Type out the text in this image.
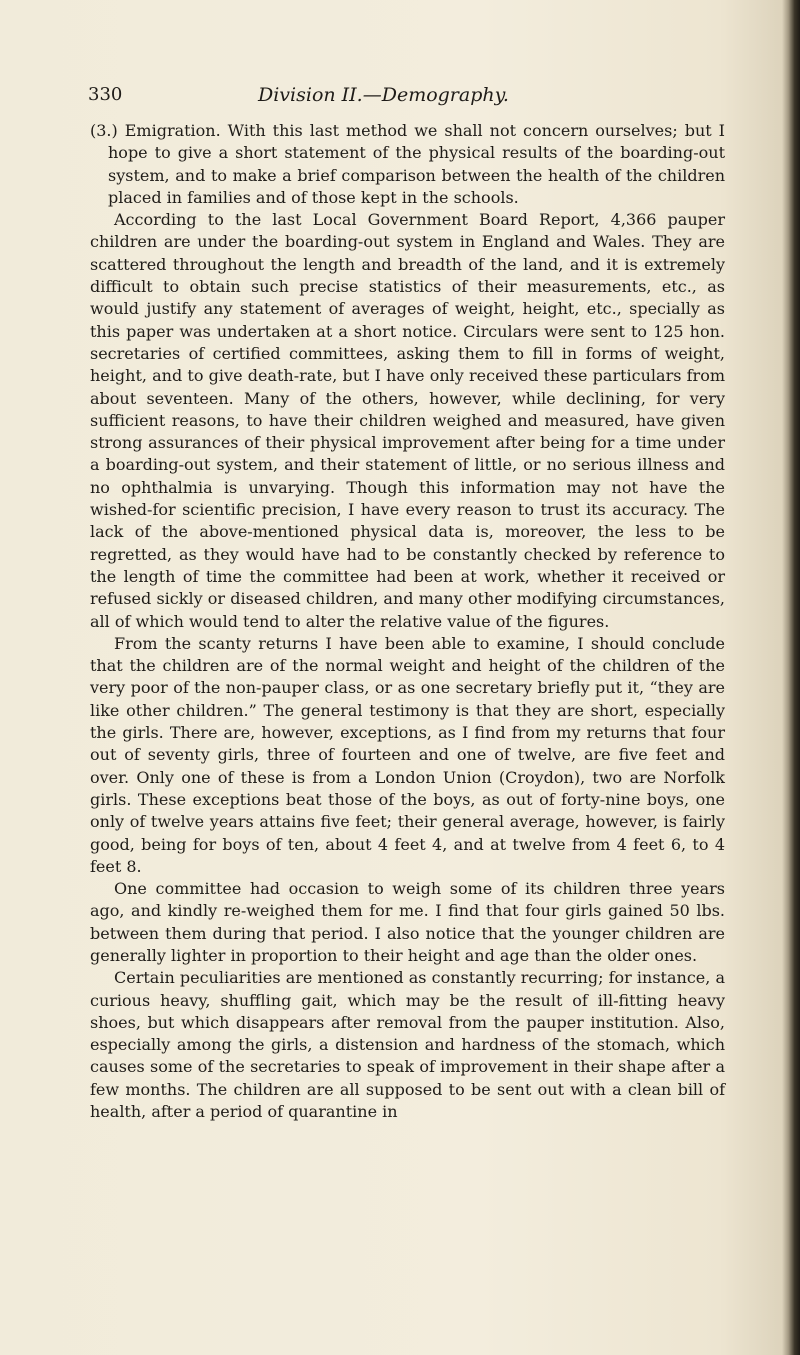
330	Division II.—Demography.

(3.) Emigration. With this last method we shall not concern ourselves; but I hope to give a short statement of the physical results of the boarding-out system, and to make a brief comparison between the health of the children placed in families and of those kept in the schools.

According to the last Local Government Board Report, 4,366 pauper children are under the boarding-out system in England and Wales. They are scattered throughout the length and breadth of the land, and it is extremely difficult to obtain such precise statistics of their measurements, etc., as would justify any statement of averages of weight, height, etc., specially as this paper was undertaken at a short notice. Circulars were sent to 125 hon. secretaries of certified committees, asking them to fill in forms of weight, height, and to give death-rate, but I have only received these particulars from about seventeen. Many of the others, however, while declining, for very sufficient reasons, to have their children weighed and measured, have given strong assurances of their physical improvement after being for a time under a boarding-out system, and their statement of little, or no serious illness and no ophthalmia is unvarying. Though this information may not have the wished-for scientific precision, I have every reason to trust its accuracy. The lack of the above-mentioned physical data is, moreover, the less to be regretted, as they would have had to be constantly checked by reference to the length of time the committee had been at work, whether it received or refused sickly or diseased children, and many other modifying circumstances, all of which would tend to alter the relative value of the figures.

From the scanty returns I have been able to examine, I should conclude that the children are of the normal weight and height of the children of the very poor of the non-pauper class, or as one secretary briefly put it, “they are like other children.” The general testimony is that they are short, especially the girls. There are, however, exceptions, as I find from my returns that four out of seventy girls, three of fourteen and one of twelve, are five feet and over. Only one of these is from a London Union (Croydon), two are Norfolk girls. These exceptions beat those of the boys, as out of forty-nine boys, one only of twelve years attains five feet; their general average, however, is fairly good, being for boys of ten, about 4 feet 4, and at twelve from 4 feet 6, to 4 feet 8.

One committee had occasion to weigh some of its children three years ago, and kindly re-weighed them for me. I find that four girls gained 50 lbs. between them during that period. I also notice that the younger children are generally lighter in proportion to their height and age than the older ones.

Certain peculiarities are mentioned as constantly recurring; for instance, a curious heavy, shuffling gait, which may be the result of ill-fitting heavy shoes, but which disappears after removal from the pauper institution. Also, especially among the girls, a distension and hardness of the stomach, which causes some of the secretaries to speak of improvement in their shape after a few months. The children are all supposed to be sent out with a clean bill of health, after a period of quarantine in
